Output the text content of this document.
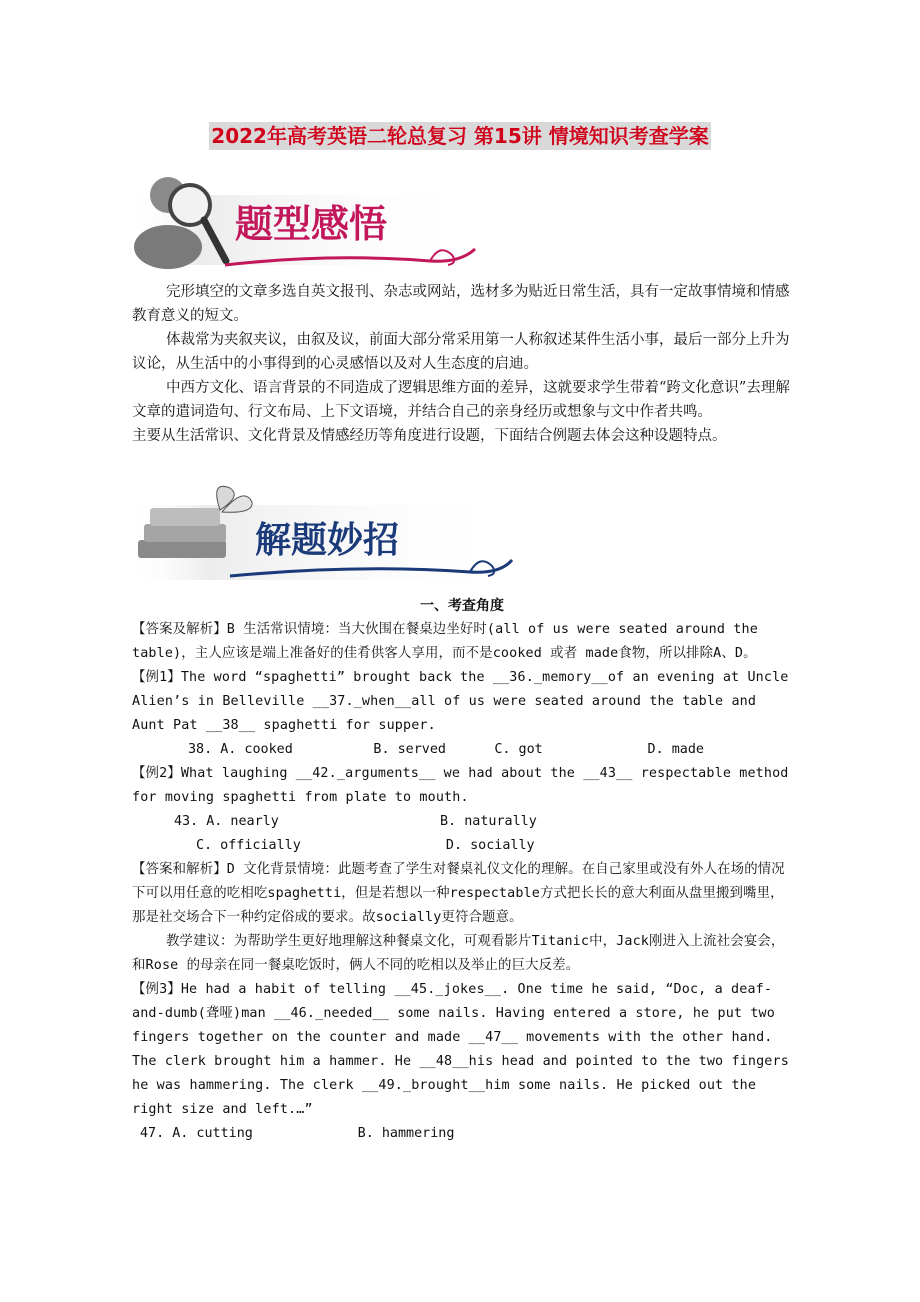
2022年高考英语二轮总复习 第15讲 情境知识考查学案
题型感悟

完形填空的文章多选自英文报刊、杂志或网站，选材多为贴近日常生活，具有一定故事情境和情感教育意义的短文。

体裁常为夹叙夹议，由叙及议，前面大部分常采用第一人称叙述某件生活小事，最后一部分上升为议论，从生活中的小事得到的心灵感悟以及对人生态度的启迪。

中西方文化、语言背景的不同造成了逻辑思维方面的差异，这就要求学生带着“跨文化意识”去理解文章的遣词造句、行文布局、上下文语境，并结合自己的亲身经历或想象与文中作者共鸣。

主要从生活常识、文化背景及情感经历等角度进行设题，下面结合例题去体会这种设题特点。

解题妙招

一、考查角度

【答案及解析】B 生活常识情境：当大伙围在餐桌边坐好时(all of us were seated around the table)，主人应该是端上准备好的佳肴供客人享用，而不是cooked 或者 made食物，所以排除A、D。

【例1】The word “spaghetti” brought back the __36._memory__of an evening at Uncle Alien’s in Belleville __37._when__all of us were seated around the table and Aunt Pat __38__ spaghetti for supper.

38. A. cooked          B. served      C. got             D. made

【例2】What laughing __42._arguments__ we had about the __43__ respectable method for moving spaghetti from plate to mouth.

43. A. nearly                    B. naturally

C. officially                  D. socially

【答案和解析】D 文化背景情境：此题考查了学生对餐桌礼仪文化的理解。在自己家里或没有外人在场的情况下可以用任意的吃相吃spaghetti，但是若想以一种respectable方式把长长的意大利面从盘里搬到嘴里，那是社交场合下一种约定俗成的要求。故socially更符合题意。

教学建议：为帮助学生更好地理解这种餐桌文化，可观看影片Titanic中，Jack刚进入上流社会宴会， 和Rose 的母亲在同一餐桌吃饭时，俩人不同的吃相以及举止的巨大反差。

【例3】He had a habit of telling __45._jokes__. One time he said, “Doc, a deaf-and-dumb(聋哑)man __46._needed__ some nails. Having entered a store, he put two fingers together on the counter and made __47__ movements with the other hand. The clerk brought him a hammer. He __48__his head and pointed to the two fingers he was hammering. The clerk __49._brought__him some nails. He picked out the right size and left.…”

47. A. cutting             B. hammering
